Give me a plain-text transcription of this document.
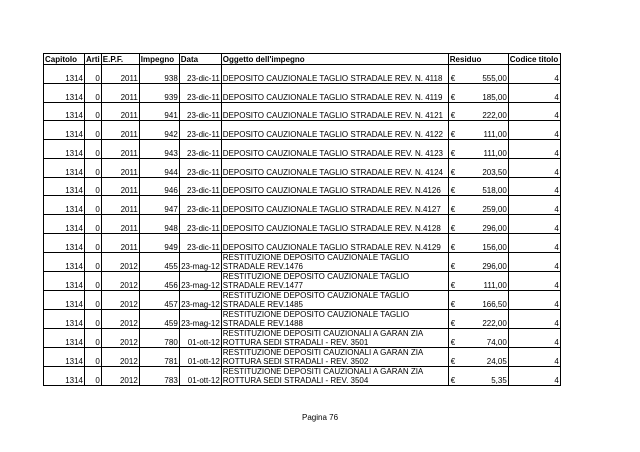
Capitolo	Arti	E.P.F.	Impegno	Data	Oggetto dell'impegno	Residuo	Codice titolo
1314	0	2011	938	23-dic-11	DEPOSITO CAUZIONALE TAGLIO STRADALE REV. N. 4118	€ 555,00	4
1314	0	2011	939	23-dic-11	DEPOSITO CAUZIONALE TAGLIO STRADALE REV. N. 4119	€ 185,00	4
1314	0	2011	941	23-dic-11	DEPOSITO CAUZIONALE TAGLIO STRADALE REV. N. 4121	€ 222,00	4
1314	0	2011	942	23-dic-11	DEPOSITO CAUZIONALE TAGLIO STRADALE REV. N. 4122	€ 111,00	4
1314	0	2011	943	23-dic-11	DEPOSITO CAUZIONALE TAGLIO STRADALE REV. N. 4123	€ 111,00	4
1314	0	2011	944	23-dic-11	DEPOSITO CAUZIONALE TAGLIO STRADALE REV. N. 4124	€ 203,50	4
1314	0	2011	946	23-dic-11	DEPOSITO CAUZIONALE TAGLIO STRADALE REV. N.4126	€ 518,00	4
1314	0	2011	947	23-dic-11	DEPOSITO CAUZIONALE TAGLIO STRADALE REV. N.4127	€ 259,00	4
1314	0	2011	948	23-dic-11	DEPOSITO CAUZIONALE TAGLIO STRADALE REV. N.4128	€ 296,00	4
1314	0	2011	949	23-dic-11	DEPOSITO CAUZIONALE TAGLIO STRADALE REV. N.4129	€ 156,00	4
1314	0	2012	455	23-mag-12	RESTITUZIONE DEPOSITO CAUZIONALE TAGLIO
STRADALE REV.1476	€ 296,00	4
1314	0	2012	456	23-mag-12	RESTITUZIONE DEPOSITO CAUZIONALE TAGLIO
STRADALE REV.1477	€ 111,00	4
1314	0	2012	457	23-mag-12	RESTITUZIONE DEPOSITO CAUZIONALE TAGLIO
STRADALE REV.1485	€ 166,50	4
1314	0	2012	459	23-mag-12	RESTITUZIONE DEPOSITO CAUZIONALE TAGLIO
STRADALE REV.1488	€ 222,00	4
1314	0	2012	780	01-ott-12	RESTITUZIONE DEPOSITI CAUZIONALI A GARAN ZIA
ROTTURA SEDI STRADALI - REV. 3501	€ 74,00	4
1314	0	2012	781	01-ott-12	RESTITUZIONE DEPOSITI CAUZIONALI A GARAN ZIA
ROTTURA SEDI STRADALI - REV. 3502	€ 24,05	4
1314	0	2012	783	01-ott-12	RESTITUZIONE DEPOSITI CAUZIONALI A GARAN ZIA
ROTTURA SEDI STRADALI - REV. 3504	€ 5,35	4
Pagina 76
